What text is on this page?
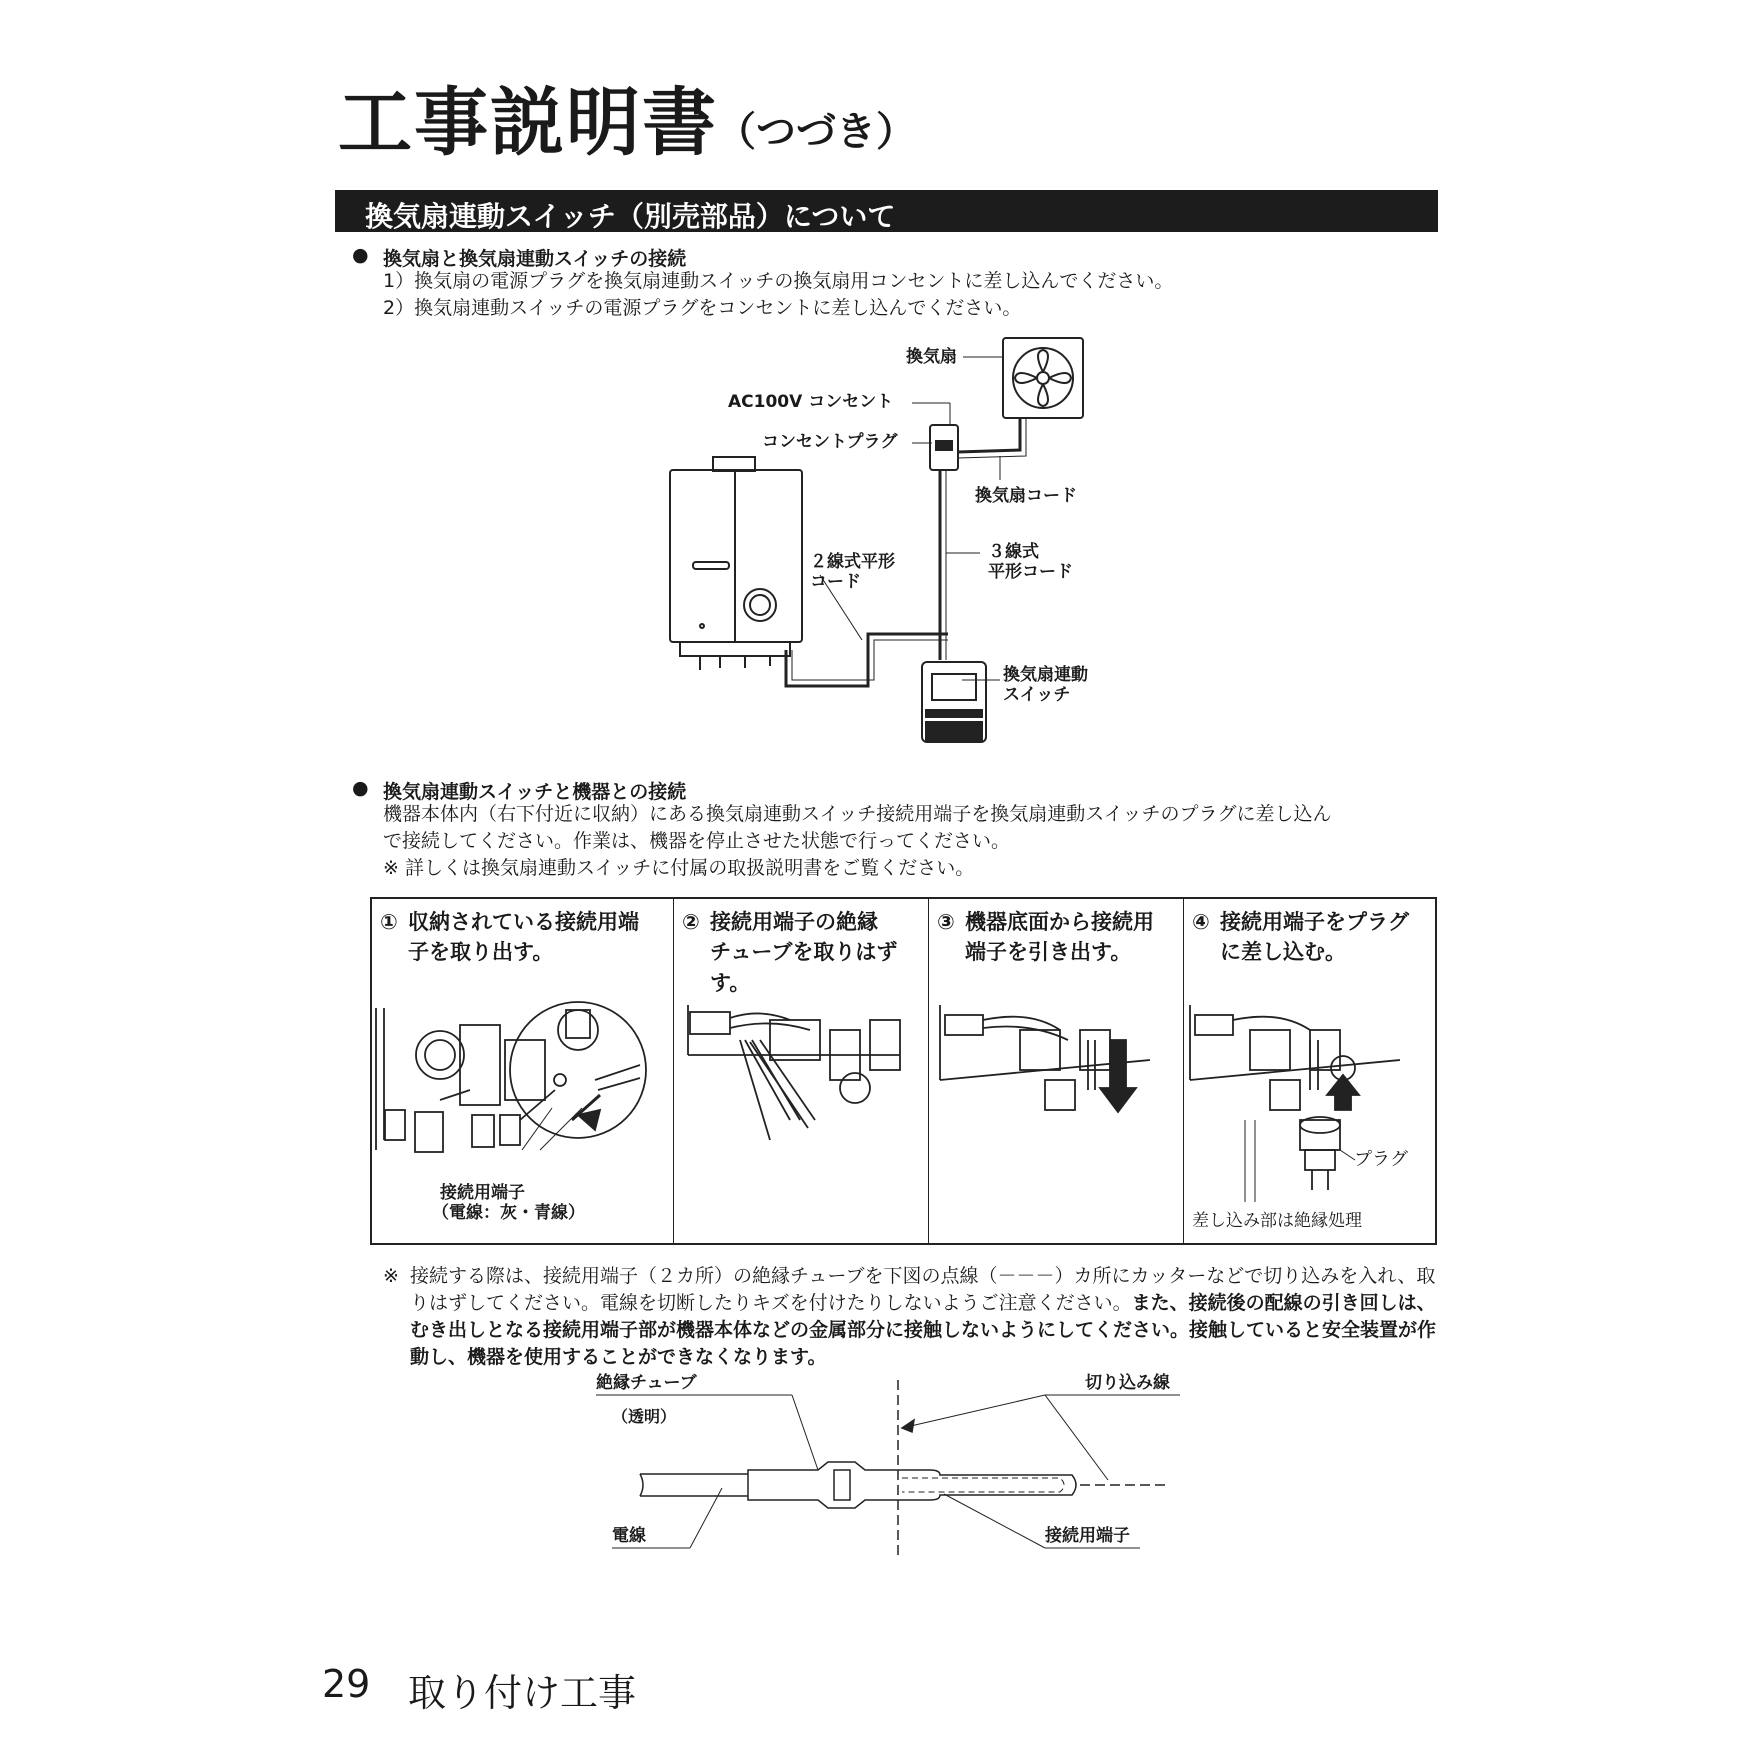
工事説明書
（つづき）
換気扇連動スイッチ（別売部品）について
● 換気扇と換気扇連動スイッチの接続
1）換気扇の電源プラグを換気扇連動スイッチの換気扇用コンセントに差し込んでください。
2）換気扇連動スイッチの電源プラグをコンセントに差し込んでください。
換気扇
AC100V コンセント
コンセントプラグ
換気扇コード
２線式平形
コード
３線式
平形コード
換気扇連動
スイッチ
● 換気扇連動スイッチと機器との接続
機器本体内（右下付近に収納）にある換気扇連動スイッチ接続用端子を換気扇連動スイッチのプラグに差し込ん
で接続してください。作業は、機器を停止させた状態で行ってください。
※ 詳しくは換気扇連動スイッチに付属の取扱説明書をご覧ください。
① 収納されている接続用端
子を取り出す。
② 接続用端子の絶縁
チューブを取りはず
す。
③ 機器底面から接続用
端子を引き出す。
④ 接続用端子をプラグ
に差し込む。
接続用端子
（電線：灰・青線）
プラグ
差し込み部は絶縁処理
※ 接続する際は、接続用端子（２カ所）の絶縁チューブを下図の点線（－－－）カ所にカッターなどで切り込みを入れ、取りはずしてください。電線を切断したりキズを付けたりしないようご注意ください。また、接続後の配線の引き回しは、むき出しとなる接続用端子部が機器本体などの金属部分に接触しないようにしてください。接触していると安全装置が作動し、機器を使用することができなくなります。
絶縁チューブ
（透明）
切り込み線
電線	接続用端子
29 取り付け工事
